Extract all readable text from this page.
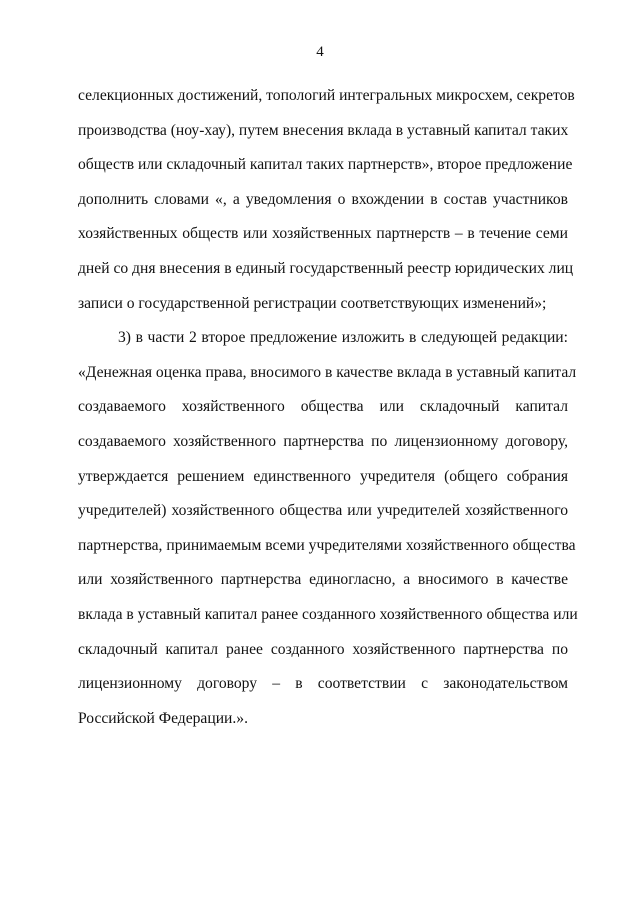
4
селекционных достижений, топологий интегральных микросхем, секретов
производства (ноу-хау), путем внесения вклада в уставный капитал таких
обществ или складочный капитал таких партнерств», второе предложение
дополнить словами «, а уведомления о вхождении в состав участников
хозяйственных обществ или хозяйственных партнерств – в течение семи
дней со дня внесения в единый государственный реестр юридических лиц
записи о государственной регистрации соответствующих изменений»;
3) в части 2 второе предложение изложить в следующей редакции:
«Денежная оценка права, вносимого в качестве вклада в уставный капитал
создаваемого хозяйственного общества или складочный капитал
создаваемого хозяйственного партнерства по лицензионному договору,
утверждается решением единственного учредителя (общего собрания
учредителей) хозяйственного общества или учредителей хозяйственного
партнерства, принимаемым всеми учредителями хозяйственного общества
или хозяйственного партнерства единогласно, а вносимого в качестве
вклада в уставный капитал ранее созданного хозяйственного общества или
складочный капитал ранее созданного хозяйственного партнерства по
лицензионному договору – в соответствии с законодательством
Российской Федерации.».
